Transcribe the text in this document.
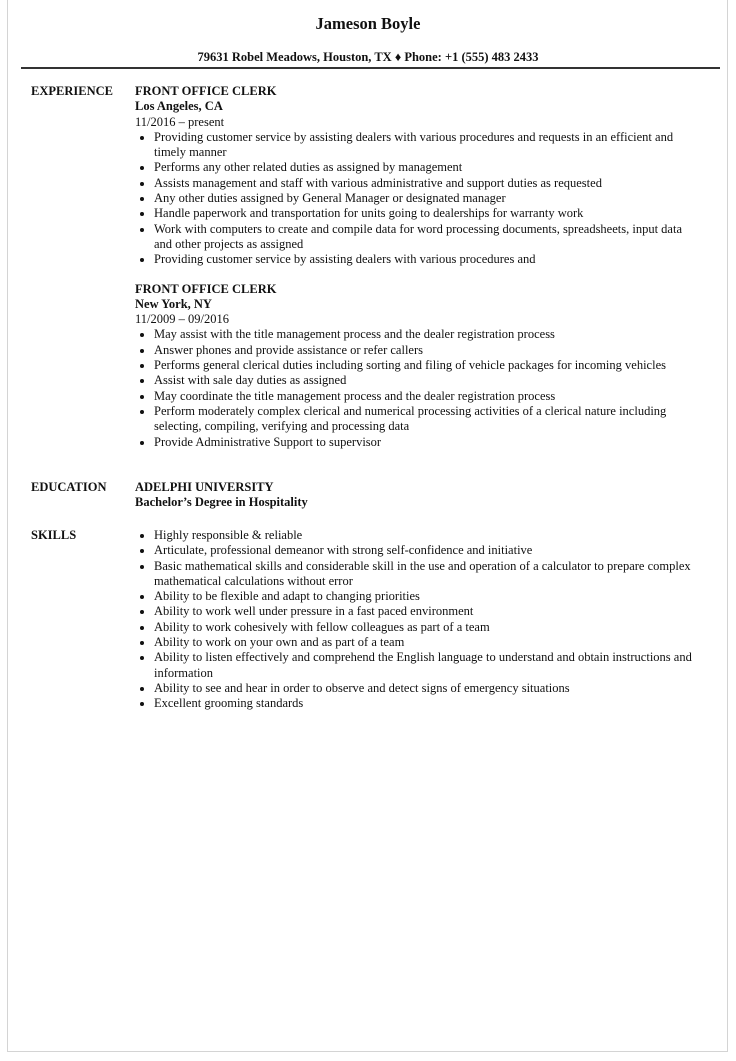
Jameson Boyle
79631 Robel Meadows, Houston, TX ♦ Phone: +1 (555) 483 2433
EXPERIENCE FRONT OFFICE CLERK
Los Angeles, CA
11/2016 – present
• Providing customer service by assisting dealers with various procedures and requests in an efficient and timely manner
• Performs any other related duties as assigned by management
• Assists management and staff with various administrative and support duties as requested
• Any other duties assigned by General Manager or designated manager
• Handle paperwork and transportation for units going to dealerships for warranty work
• Work with computers to create and compile data for word processing documents, spreadsheets, input data and other projects as assigned
• Providing customer service by assisting dealers with various procedures and
FRONT OFFICE CLERK
New York, NY
11/2009 – 09/2016
• May assist with the title management process and the dealer registration process
• Answer phones and provide assistance or refer callers
• Performs general clerical duties including sorting and filing of vehicle packages for incoming vehicles
• Assist with sale day duties as assigned
• May coordinate the title management process and the dealer registration process
• Perform moderately complex clerical and numerical processing activities of a clerical nature including selecting, compiling, verifying and processing data
• Provide Administrative Support to supervisor
EDUCATION ADELPHI UNIVERSITY
Bachelor’s Degree in Hospitality
SKILLS
•	Highly responsible & reliable
• Articulate, professional demeanor with strong self-confidence and initiative
• Basic mathematical skills and considerable skill in the use and operation of a calculator to prepare complex mathematical calculations without error
• Ability to be flexible and adapt to changing priorities
• Ability to work well under pressure in a fast paced environment
• Ability to work cohesively with fellow colleagues as part of a team
• Ability to work on your own and as part of a team
• Ability to listen effectively and comprehend the English language to understand and obtain instructions and information
• Ability to see and hear in order to observe and detect signs of emergency situations
• Excellent grooming standards
